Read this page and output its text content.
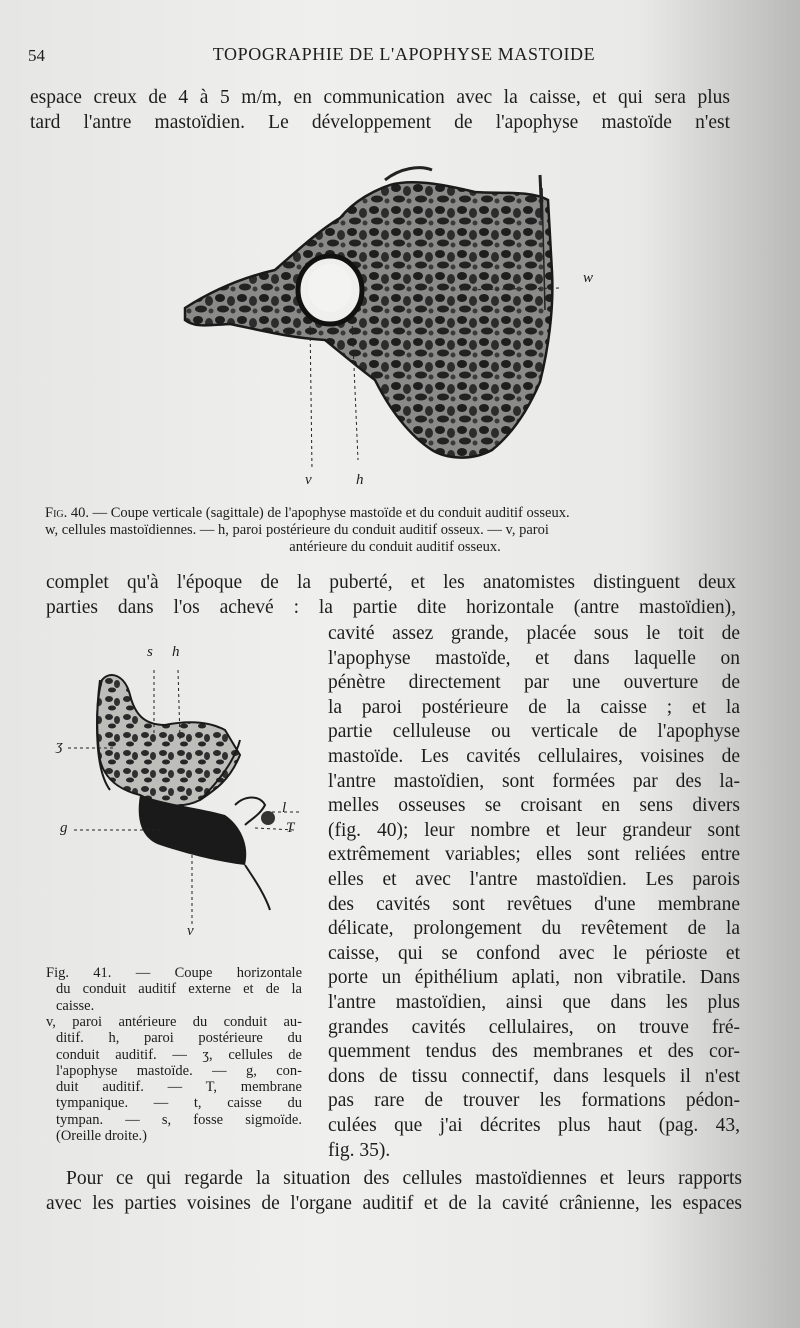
54	TOPOGRAPHIE DE L'APOPHYSE MASTOIDE

espace creux de 4 à 5 m/m, en communication avec la caisse, et qui sera plus

tard l'antre mastoïdien. Le développement de l'apophyse mastoïde n'est

w
v	h

Fig. 40. — Coupe verticale (sagittale) de l'apophyse mastoïde et du conduit auditif osseux.

w, cellules mastoïdiennes. — h, paroi postérieure du conduit auditif osseux. — v, paroi

antérieure du conduit auditif osseux.

complet qu'à l'époque de la puberté, et les anatomistes distinguent deux

parties dans l'os achevé : la partie dite horizontale (antre mastoïdien),

cavité assez grande, placée sous le toit de

l'apophyse mastoïde, et dans laquelle on

pénètre directement par une ouverture de

la paroi postérieure de la caisse ; et la

partie celluleuse ou verticale de l'apophyse

mastoïde. Les cavités cellulaires, voisines de

l'antre mastoïdien, sont formées par des la-

melles osseuses se croisant en sens divers

(fig. 40); leur nombre et leur grandeur sont

extrêmement variables; elles sont reliées entre

elles et avec l'antre mastoïdien. Les parois

des cavités sont revêtues d'une membrane

délicate, prolongement du revêtement de la

caisse, qui se confond avec le périoste et

porte un épithélium aplati, non vibratile. Dans

l'antre mastoïdien, ainsi que dans les plus

grandes cavités cellulaires, on trouve fré-

quemment tendus des membranes et des cor-

dons de tissu connectif, dans lesquels il n'est

pas rare de trouver les formations pédon-

culées que j'ai décrites plus haut (pag. 43,

fig. 35).

s h
ʒ
g
l
T
v

Fig. 41. — Coupe horizontale

du conduit auditif externe et de la

caisse.

v, paroi antérieure du conduit au-

ditif. h, paroi postérieure du

conduit auditif. — ʒ, cellules de

l'apophyse mastoïde. — g, con-

duit auditif. — T, membrane

tympanique. — t, caisse du

tympan. — s, fosse sigmoïde.

(Oreille droite.)

Pour ce qui regarde la situation des cellules mastoïdiennes et leurs rapports

avec les parties voisines de l'organe auditif et de la cavité crânienne, les espaces
